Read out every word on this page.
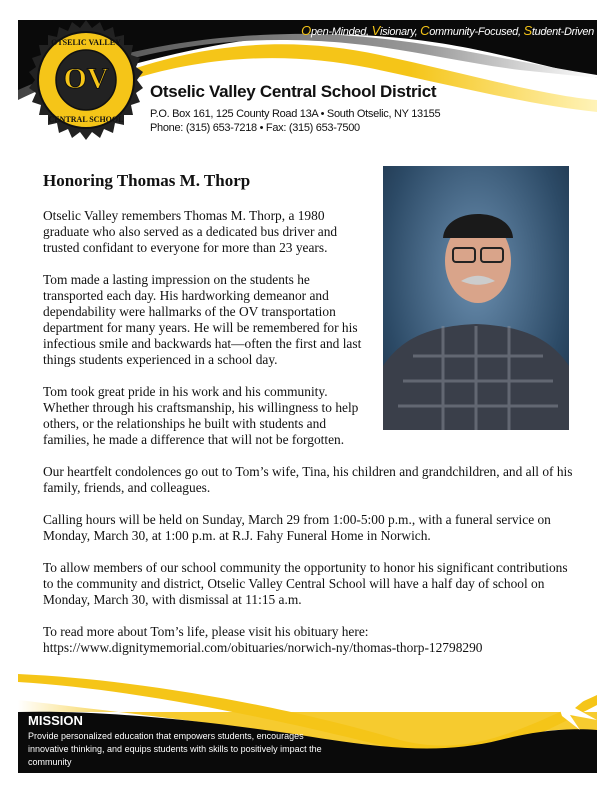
OV
OTSELIC VALLEY
CENTRAL SCHOOL
Open-Minded, Visionary, Community-Focused, Student-Driven
Otselic Valley Central School District
P.O. Box 161, 125 County Road 13A • South Otselic, NY 13155
Phone: (315) 653-7218 • Fax: (315) 653-7500
Honoring Thomas M. Thorp

Otselic Valley remembers Thomas M. Thorp, a 1980 graduate who also served as a dedicated bus driver and trusted confidant to everyone for more than 23 years.

Tom made a lasting impression on the students he transported each day. His hardworking demeanor and dependability were hallmarks of the OV transportation department for many years. He will be remembered for his infectious smile and backwards hat—often the first and last things students experienced in a school day.

Tom took great pride in his work and his community. Whether through his craftsmanship, his willingness to help others, or the relationships he built with students and families, he made a difference that will not be forgotten.

Our heartfelt condolences go out to Tom’s wife, Tina, his children and grandchildren, and all of his family, friends, and colleagues.

Calling hours will be held on Sunday, March 29 from 1:00-5:00 p.m., with a funeral service on Monday, March 30, at 1:00 p.m. at R.J. Fahy Funeral Home in Norwich.

To allow members of our school community the opportunity to honor his significant contributions to the community and district, Otselic Valley Central School will have a half day of school on Monday, March 30, with dismissal at 11:15 a.m.

To read more about Tom’s life, please visit his obituary here:
https://www.dignitymemorial.com/obituaries/norwich-ny/thomas-thorp-12798290

MISSION
Provide personalized education that empowers students, encourages innovative thinking, and equips students with skills to positively impact the community
